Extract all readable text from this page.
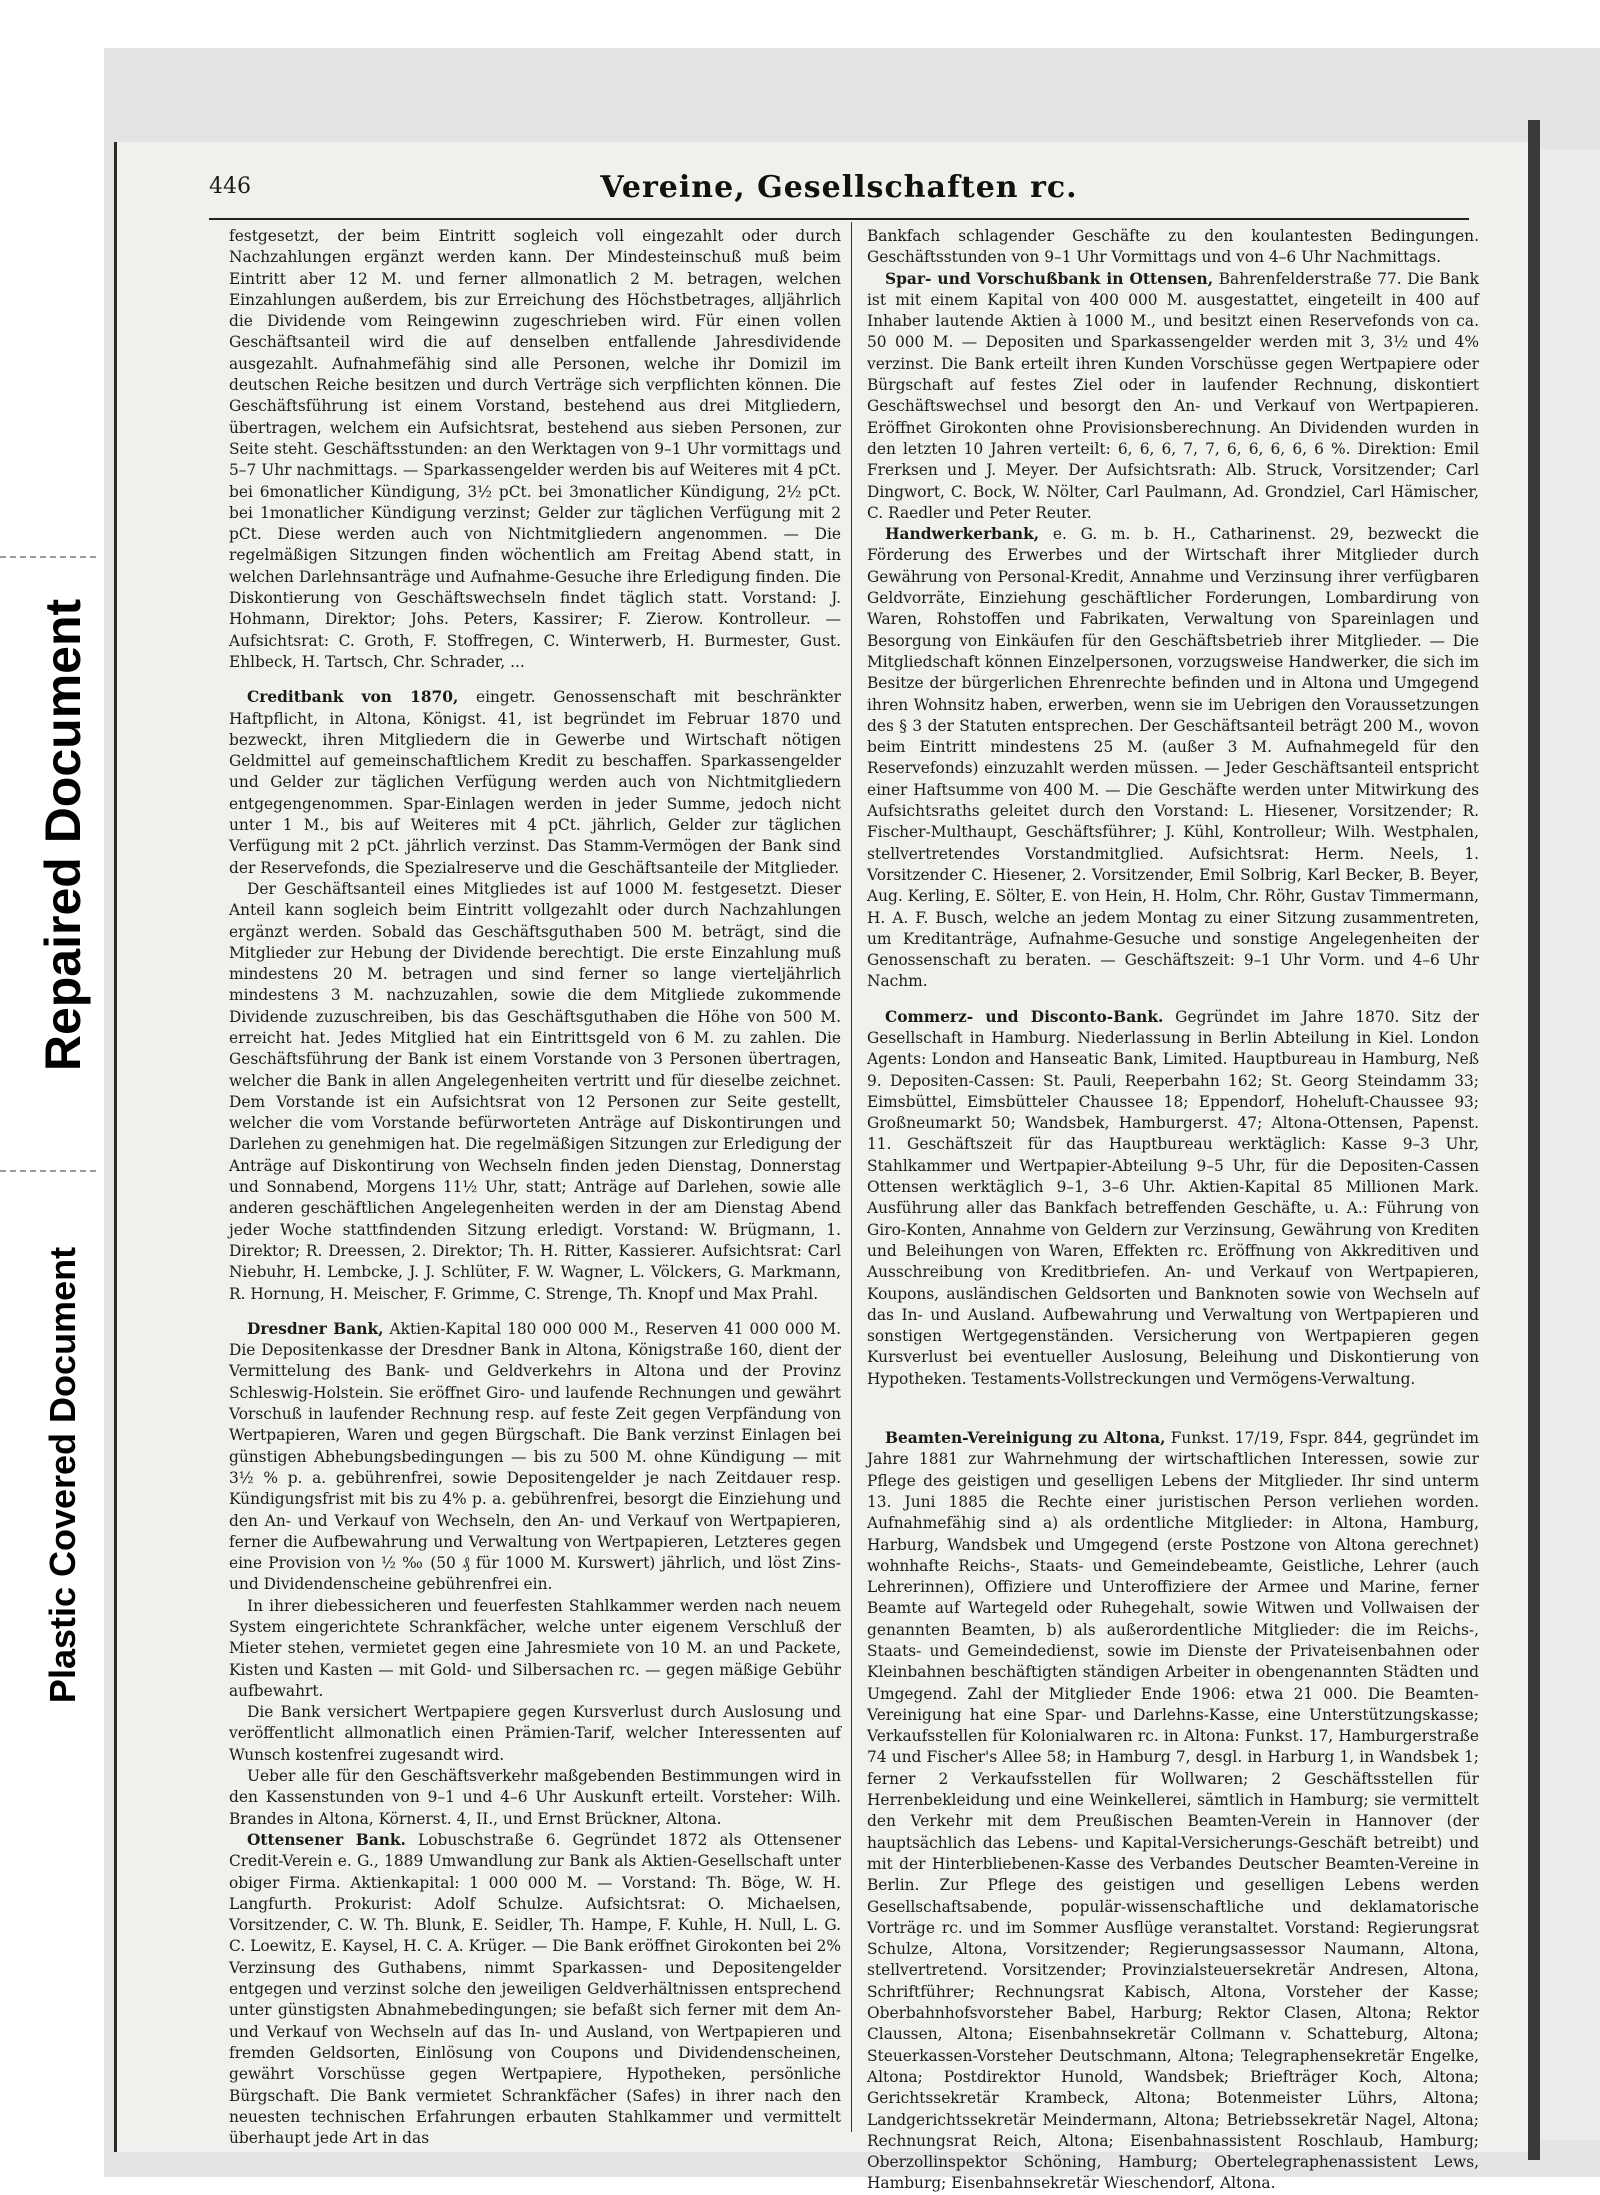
Repaired Document
Plastic Covered Document
446	Vereine, Gesellschaften rc.

festgesetzt, der beim Eintritt sogleich voll eingezahlt oder durch Nachzahlungen ergänzt werden kann. Der Mindesteinschuß muß beim Eintritt aber 12 M. und ferner allmonatlich 2 M. betragen, welchen Einzahlungen außerdem, bis zur Erreichung des Höchstbetrages, alljährlich die Dividende vom Reingewinn zugeschrieben wird. Für einen vollen Geschäftsanteil wird die auf denselben entfallende Jahresdividende ausgezahlt. Aufnahmefähig sind alle Personen, welche ihr Domizil im deutschen Reiche besitzen und durch Verträge sich verpflichten können. Die Geschäftsführung ist einem Vorstand, bestehend aus drei Mitgliedern, übertragen, welchem ein Aufsichtsrat, bestehend aus sieben Personen, zur Seite steht. Geschäftsstunden: an den Werktagen von 9–1 Uhr vormittags und 5–7 Uhr nachmittags. — Sparkassengelder werden bis auf Weiteres mit 4 pCt. bei 6monatlicher Kündigung, 3½ pCt. bei 3monatlicher Kündigung, 2½ pCt. bei 1monatlicher Kündigung verzinst; Gelder zur täglichen Verfügung mit 2 pCt. Diese werden auch von Nichtmitgliedern angenommen. — Die regelmäßigen Sitzungen finden wöchentlich am Freitag Abend statt, in welchen Darlehnsanträge und Aufnahme-Gesuche ihre Erledigung finden. Die Diskontierung von Geschäftswechseln findet täglich statt. Vorstand: J. Hohmann, Direktor; Johs. Peters, Kassirer; F. Zierow. Kontrolleur. — Aufsichtsrat: C. Groth, F. Stoffregen, C. Winterwerb, H. Burmester, Gust. Ehlbeck, H. Tartsch, Chr. Schrader, ...

Creditbank von 1870, eingetr. Genossenschaft mit beschränkter Haftpflicht, in Altona, Königst. 41, ist begründet im Februar 1870 und bezweckt, ihren Mitgliedern die in Gewerbe und Wirtschaft nötigen Geldmittel auf gemeinschaftlichem Kredit zu beschaffen. Sparkassengelder und Gelder zur täglichen Verfügung werden auch von Nichtmitgliedern entgegengenommen. Spar-Einlagen werden in jeder Summe, jedoch nicht unter 1 M., bis auf Weiteres mit 4 pCt. jährlich, Gelder zur täglichen Verfügung mit 2 pCt. jährlich verzinst. Das Stamm-Vermögen der Bank sind der Reservefonds, die Spezialreserve und die Geschäftsanteile der Mitglieder.

Der Geschäftsanteil eines Mitgliedes ist auf 1000 M. festgesetzt. Dieser Anteil kann sogleich beim Eintritt vollgezahlt oder durch Nachzahlungen ergänzt werden. Sobald das Geschäftsguthaben 500 M. beträgt, sind die Mitglieder zur Hebung der Dividende berechtigt. Die erste Einzahlung muß mindestens 20 M. betragen und sind ferner so lange vierteljährlich mindestens 3 M. nachzuzahlen, sowie die dem Mitgliede zukommende Dividende zuzuschreiben, bis das Geschäftsguthaben die Höhe von 500 M. erreicht hat. Jedes Mitglied hat ein Eintrittsgeld von 6 M. zu zahlen. Die Geschäftsführung der Bank ist einem Vorstande von 3 Personen übertragen, welcher die Bank in allen Angelegenheiten vertritt und für dieselbe zeichnet. Dem Vorstande ist ein Aufsichtsrat von 12 Personen zur Seite gestellt, welcher die vom Vorstande befürworteten Anträge auf Diskontirungen und Darlehen zu genehmigen hat. Die regelmäßigen Sitzungen zur Erledigung der Anträge auf Diskontirung von Wechseln finden jeden Dienstag, Donnerstag und Sonnabend, Morgens 11½ Uhr, statt; Anträge auf Darlehen, sowie alle anderen geschäftlichen Angelegenheiten werden in der am Dienstag Abend jeder Woche stattfindenden Sitzung erledigt. Vorstand: W. Brügmann, 1. Direktor; R. Dreessen, 2. Direktor; Th. H. Ritter, Kassierer. Aufsichtsrat: Carl Niebuhr, H. Lembcke, J. J. Schlüter, F. W. Wagner, L. Völckers, G. Markmann, R. Hornung, H. Meischer, F. Grimme, C. Strenge, Th. Knopf und Max Prahl.

Dresdner Bank, Aktien-Kapital 180 000 000 M., Reserven 41 000 000 M. Die Depositenkasse der Dresdner Bank in Altona, Königstraße 160, dient der Vermittelung des Bank- und Geldverkehrs in Altona und der Provinz Schleswig-Holstein. Sie eröffnet Giro- und laufende Rechnungen und gewährt Vorschuß in laufender Rechnung resp. auf feste Zeit gegen Verpfändung von Wertpapieren, Waren und gegen Bürgschaft. Die Bank verzinst Einlagen bei günstigen Abhebungsbedingungen — bis zu 500 M. ohne Kündigung — mit 3½ % p. a. gebührenfrei, sowie Depositengelder je nach Zeitdauer resp. Kündigungsfrist mit bis zu 4% p. a. gebührenfrei, besorgt die Einziehung und den An- und Verkauf von Wechseln, den An- und Verkauf von Wertpapieren, ferner die Aufbewahrung und Verwaltung von Wertpapieren, Letzteres gegen eine Provision von ½ ‰ (50 ₰ für 1000 M. Kurswert) jährlich, und löst Zins- und Dividendenscheine gebührenfrei ein.

In ihrer diebessicheren und feuerfesten Stahlkammer werden nach neuem System eingerichtete Schrankfächer, welche unter eigenem Verschluß der Mieter stehen, vermietet gegen eine Jahresmiete von 10 M. an und Packete, Kisten und Kasten — mit Gold- und Silbersachen rc. — gegen mäßige Gebühr aufbewahrt.

Die Bank versichert Wertpapiere gegen Kursverlust durch Auslosung und veröffentlicht allmonatlich einen Prämien-Tarif, welcher Interessenten auf Wunsch kostenfrei zugesandt wird.

Ueber alle für den Geschäftsverkehr maßgebenden Bestimmungen wird in den Kassenstunden von 9–1 und 4–6 Uhr Auskunft erteilt. Vorsteher: Wilh. Brandes in Altona, Körnerst. 4, II., und Ernst Brückner, Altona.

Ottensener Bank. Lobuschstraße 6. Gegründet 1872 als Ottensener Credit-Verein e. G., 1889 Umwandlung zur Bank als Aktien-Gesellschaft unter obiger Firma. Aktienkapital: 1 000 000 M. — Vorstand: Th. Böge, W. H. Langfurth. Prokurist: Adolf Schulze. Aufsichtsrat: O. Michaelsen, Vorsitzender, C. W. Th. Blunk, E. Seidler, Th. Hampe, F. Kuhle, H. Null, L. G. C. Loewitz, E. Kaysel, H. C. A. Krüger. — Die Bank eröffnet Girokonten bei 2% Verzinsung des Guthabens, nimmt Sparkassen- und Depositengelder entgegen und verzinst solche den jeweiligen Geldverhältnissen entsprechend unter günstigsten Abnahmebedingungen; sie befaßt sich ferner mit dem An- und Verkauf von Wechseln auf das In- und Ausland, von Wertpapieren und fremden Geldsorten, Einlösung von Coupons und Dividendenscheinen, gewährt Vorschüsse gegen Wertpapiere, Hypotheken, persönliche Bürgschaft. Die Bank vermietet Schrankfächer (Safes) in ihrer nach den neuesten technischen Erfahrungen erbauten Stahlkammer und vermittelt überhaupt jede Art in das

Bankfach schlagender Geschäfte zu den koulantesten Bedingungen. Geschäftsstunden von 9–1 Uhr Vormittags und von 4–6 Uhr Nachmittags.

Spar- und Vorschußbank in Ottensen, Bahrenfelderstraße 77. Die Bank ist mit einem Kapital von 400 000 M. ausgestattet, eingeteilt in 400 auf Inhaber lautende Aktien à 1000 M., und besitzt einen Reservefonds von ca. 50 000 M. — Depositen und Sparkassengelder werden mit 3, 3½ und 4% verzinst. Die Bank erteilt ihren Kunden Vorschüsse gegen Wertpapiere oder Bürgschaft auf festes Ziel oder in laufender Rechnung, diskontiert Geschäftswechsel und besorgt den An- und Verkauf von Wertpapieren. Eröffnet Girokonten ohne Provisionsberechnung. An Dividenden wurden in den letzten 10 Jahren verteilt: 6, 6, 6, 7, 7, 6, 6, 6, 6, 6 %. Direktion: Emil Frerksen und J. Meyer. Der Aufsichtsrath: Alb. Struck, Vorsitzender; Carl Dingwort, C. Bock, W. Nölter, Carl Paulmann, Ad. Grondziel, Carl Hämischer, C. Raedler und Peter Reuter.

Handwerkerbank, e. G. m. b. H., Catharinenst. 29, bezweckt die Förderung des Erwerbes und der Wirtschaft ihrer Mitglieder durch Gewährung von Personal-Kredit, Annahme und Verzinsung ihrer verfügbaren Geldvorräte, Einziehung geschäftlicher Forderungen, Lombardirung von Waren, Rohstoffen und Fabrikaten, Verwaltung von Spareinlagen und Besorgung von Einkäufen für den Geschäftsbetrieb ihrer Mitglieder. — Die Mitgliedschaft können Einzelpersonen, vorzugsweise Handwerker, die sich im Besitze der bürgerlichen Ehrenrechte befinden und in Altona und Umgegend ihren Wohnsitz haben, erwerben, wenn sie im Uebrigen den Voraussetzungen des § 3 der Statuten entsprechen. Der Geschäftsanteil beträgt 200 M., wovon beim Eintritt mindestens 25 M. (außer 3 M. Aufnahmegeld für den Reservefonds) einzuzahlt werden müssen. — Jeder Geschäftsanteil entspricht einer Haftsumme von 400 M. — Die Geschäfte werden unter Mitwirkung des Aufsichtsraths geleitet durch den Vorstand: L. Hiesener, Vorsitzender; R. Fischer-Multhaupt, Geschäftsführer; J. Kühl, Kontrolleur; Wilh. Westphalen, stellvertretendes Vorstandmitglied. Aufsichtsrat: Herm. Neels, 1. Vorsitzender C. Hiesener, 2. Vorsitzender, Emil Solbrig, Karl Becker, B. Beyer, Aug. Kerling, E. Sölter, E. von Hein, H. Holm, Chr. Röhr, Gustav Timmermann, H. A. F. Busch, welche an jedem Montag zu einer Sitzung zusammentreten, um Kreditanträge, Aufnahme-Gesuche und sonstige Angelegenheiten der Genossenschaft zu beraten. — Geschäftszeit: 9–1 Uhr Vorm. und 4–6 Uhr Nachm.

Commerz- und Disconto-Bank. Gegründet im Jahre 1870. Sitz der Gesellschaft in Hamburg. Niederlassung in Berlin Abteilung in Kiel. London Agents: London and Hanseatic Bank, Limited. Hauptbureau in Hamburg, Neß 9. Depositen-Cassen: St. Pauli, Reeperbahn 162; St. Georg Steindamm 33; Eimsbüttel, Eimsbütteler Chaussee 18; Eppendorf, Hoheluft-Chaussee 93; Großneumarkt 50; Wandsbek, Hamburgerst. 47; Altona-Ottensen, Papenst. 11. Geschäftszeit für das Hauptbureau werktäglich: Kasse 9–3 Uhr, Stahlkammer und Wertpapier-Abteilung 9–5 Uhr, für die Depositen-Cassen Ottensen werktäglich 9–1, 3–6 Uhr. Aktien-Kapital 85 Millionen Mark. Ausführung aller das Bankfach betreffenden Geschäfte, u. A.: Führung von Giro-Konten, Annahme von Geldern zur Verzinsung, Gewährung von Krediten und Beleihungen von Waren, Effekten rc. Eröffnung von Akkreditiven und Ausschreibung von Kreditbriefen. An- und Verkauf von Wertpapieren, Koupons, ausländischen Geldsorten und Banknoten sowie von Wechseln auf das In- und Ausland. Aufbewahrung und Verwaltung von Wertpapieren und sonstigen Wertgegenständen. Versicherung von Wertpapieren gegen Kursverlust bei eventueller Auslosung, Beleihung und Diskontierung von Hypotheken. Testaments-Vollstreckungen und Vermögens-Verwaltung.

Beamten-Vereinigung zu Altona, Funkst. 17/19, Fspr. 844, gegründet im Jahre 1881 zur Wahrnehmung der wirtschaftlichen Interessen, sowie zur Pflege des geistigen und geselligen Lebens der Mitglieder. Ihr sind unterm 13. Juni 1885 die Rechte einer juristischen Person verliehen worden. Aufnahmefähig sind a) als ordentliche Mitglieder: in Altona, Hamburg, Harburg, Wandsbek und Umgegend (erste Postzone von Altona gerechnet) wohnhafte Reichs-, Staats- und Gemeindebeamte, Geistliche, Lehrer (auch Lehrerinnen), Offiziere und Unteroffiziere der Armee und Marine, ferner Beamte auf Wartegeld oder Ruhegehalt, sowie Witwen und Vollwaisen der genannten Beamten, b) als außerordentliche Mitglieder: die im Reichs-, Staats- und Gemeindedienst, sowie im Dienste der Privateisenbahnen oder Kleinbahnen beschäftigten ständigen Arbeiter in obengenannten Städten und Umgegend. Zahl der Mitglieder Ende 1906: etwa 21 000. Die Beamten-Vereinigung hat eine Spar- und Darlehns-Kasse, eine Unterstützungskasse; Verkaufsstellen für Kolonialwaren rc. in Altona: Funkst. 17, Hamburgerstraße 74 und Fischer's Allee 58; in Hamburg 7, desgl. in Harburg 1, in Wandsbek 1; ferner 2 Verkaufsstellen für Wollwaren; 2 Geschäftsstellen für Herrenbekleidung und eine Weinkellerei, sämtlich in Hamburg; sie vermittelt den Verkehr mit dem Preußischen Beamten-Verein in Hannover (der hauptsächlich das Lebens- und Kapital-Versicherungs-Geschäft betreibt) und mit der Hinterbliebenen-Kasse des Verbandes Deutscher Beamten-Vereine in Berlin. Zur Pflege des geistigen und geselligen Lebens werden Gesellschaftsabende, populär-wissenschaftliche und deklamatorische Vorträge rc. und im Sommer Ausflüge veranstaltet. Vorstand: Regierungsrat Schulze, Altona, Vorsitzender; Regierungsassessor Naumann, Altona, stellvertretend. Vorsitzender; Provinzialsteuersekretär Andresen, Altona, Schriftführer; Rechnungsrat Kabisch, Altona, Vorsteher der Kasse; Oberbahnhofsvorsteher Babel, Harburg; Rektor Clasen, Altona; Rektor Claussen, Altona; Eisenbahnsekretär Collmann v. Schatteburg, Altona; Steuerkassen-Vorsteher Deutschmann, Altona; Telegraphensekretär Engelke, Altona; Postdirektor Hunold, Wandsbek; Briefträger Koch, Altona; Gerichtssekretär Krambeck, Altona; Botenmeister Lührs, Altona; Landgerichtssekretär Meindermann, Altona; Betriebssekretär Nagel, Altona; Rechnungsrat Reich, Altona; Eisenbahnassistent Roschlaub, Hamburg; Oberzollinspektor Schöning, Hamburg; Obertelegraphenassistent Lews, Hamburg; Eisenbahnsekretär Wieschendorf, Altona.
